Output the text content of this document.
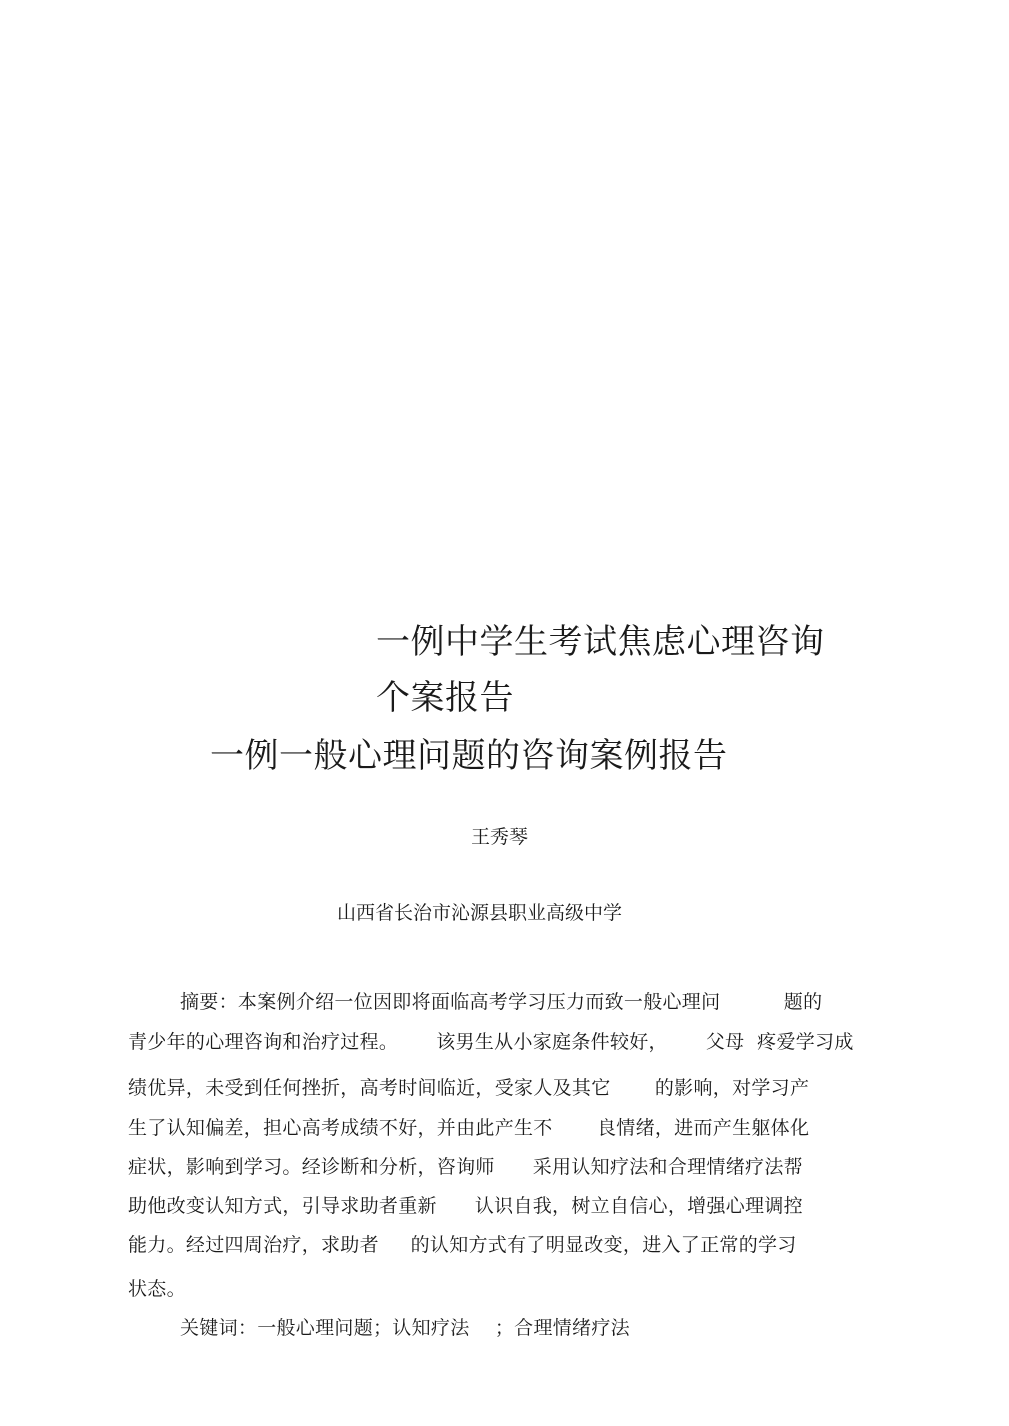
一例中学生考试焦虑心理咨询
个案报告
一例一般心理问题的咨询案例报告

王秀琴

山西省长治市沁源县职业高级中学

摘要：本案例介绍一位因即将面临高考学习压力而致一般心理问          题的

青少年的心理咨询和治疗过程。      该男生从小家庭条件较好，      父母  疼爱学习成

绩优异，未受到任何挫折，高考时间临近，受家人及其它       的影响，对学习产

生了认知偏差，担心高考成绩不好，并由此产生不       良情绪，进而产生躯体化

症状，影响到学习。经诊断和分析，咨询师      采用认知疗法和合理情绪疗法帮

助他改变认知方式，引导求助者重新      认识自我，树立自信心，增强心理调控

能力。经过四周治疗，求助者     的认知方式有了明显改变，进入了正常的学习

状态。

关键词：一般心理问题；认知疗法    ；合理情绪疗法
